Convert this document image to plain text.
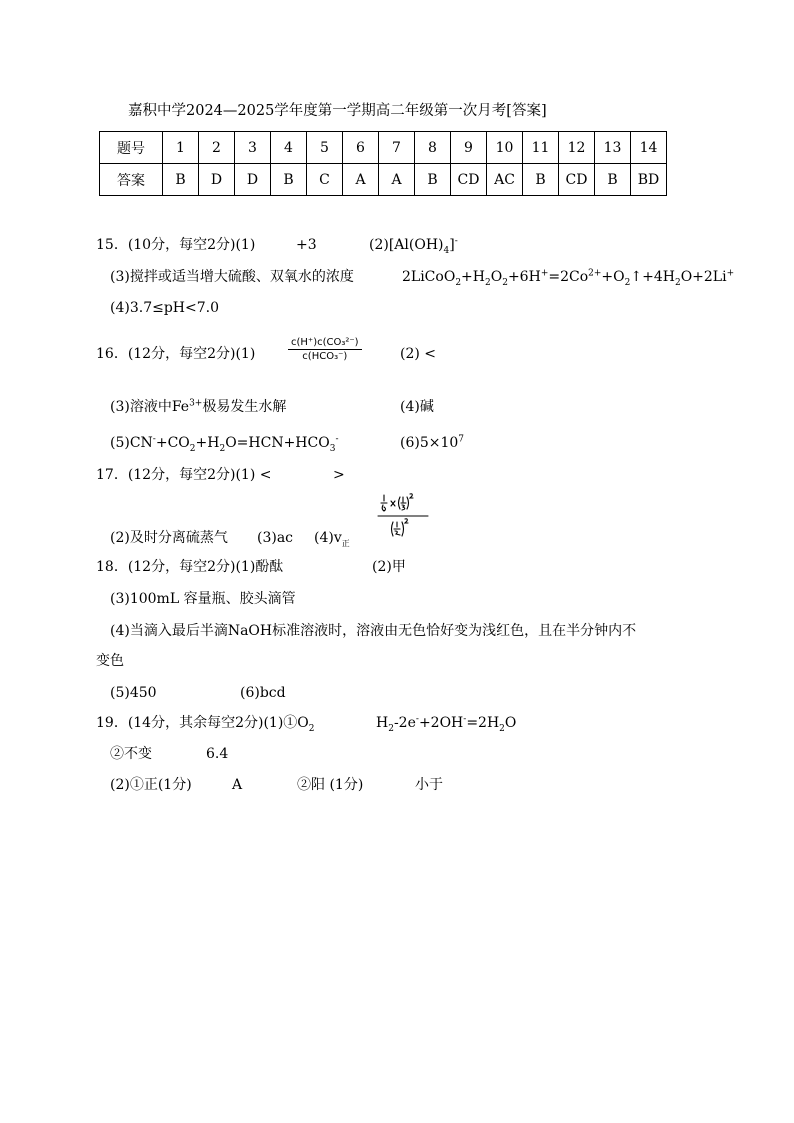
嘉积中学2024—2025学年度第一学期高二年级第一次月考[答案]
题号	1	2	3	4	5	6	7	8	9	10	11	12	13	14
答案	B	D	D	B	C	A	A	B	CD	AC	B	CD	B	BD
15．(10分，每空2分)(1)	+3	$(2)[Al(OH)_4]^-$
(3)搅拌或适当增大硫酸、双氧水的浓度	$2LiCoO_2+H_2O_2+6H^+=2Co^{2+}+O_2↑+4H_2O+2Li^+$
(4)3.7≤pH<7.0
16．(12分，每空2分)(1)
c(H⁺)c(CO₃²⁻)
c(HCO₃⁻)	(2) <
(3)溶液中$Fe^{3+}$极易发生水解	(4)碱
$(5)CN^-+CO_2+H_2O=HCN+HCO_3^-$	$(6)5\times 10^7$
17．(12分，每空2分)(1) <	>
(2)及时分离硫蒸气 (3)ac $(4)v_正$
18．(12分，每空2分)(1)酚酞	(2)甲
(3)100mL 容量瓶、胶头滴管
(4)当滴入最后半滴NaOH标准溶液时，溶液由无色恰好变为浅红色，且在半分钟内不
变色
(5)450	(6)bcd
19．(14分，其余每空2分)$(1)①O_2$	$H_2-2e^-+2OH^-=2H_2O$
②不变	6.4
(2)①正(1分)	A	②阳 (1分)	小于
